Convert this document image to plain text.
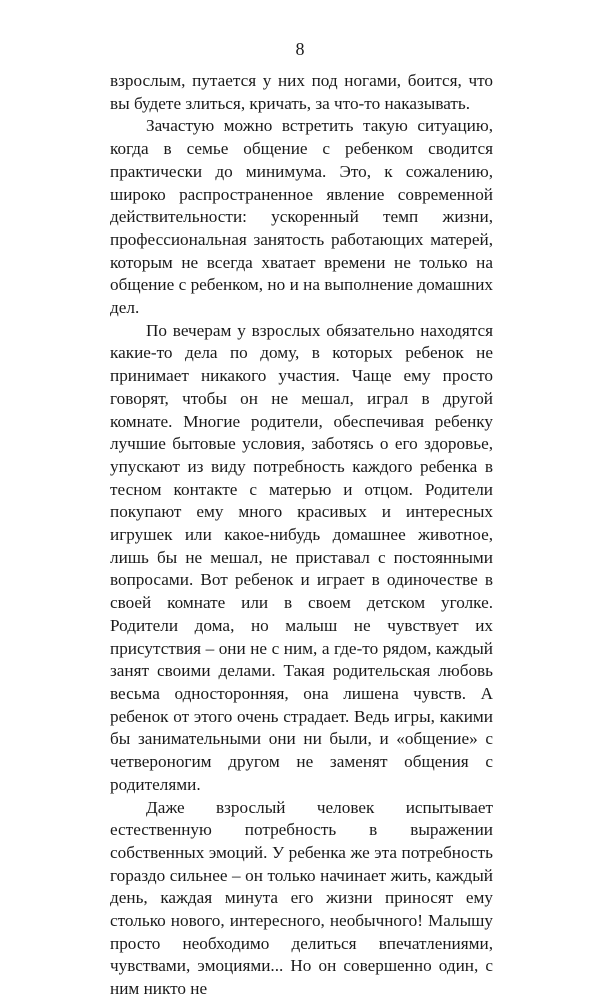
8

взрослым, путается у них под ногами, боится, что вы будете злиться, кричать, за что-то наказывать.

Зачастую можно встретить такую ситуацию, когда в семье общение с ребенком сводится практически до минимума. Это, к сожалению, широко распространенное явление современной действительности: ускоренный темп жизни, профессиональная занятость работающих матерей, которым не всегда хватает времени не только на общение с ребенком, но и на выполнение домашних дел.

По вечерам у взрослых обязательно находятся какие-то дела по дому, в которых ребенок не принимает никакого участия. Чаще ему просто говорят, чтобы он не мешал, играл в другой комнате. Многие родители, обеспечивая ребенку лучшие бытовые условия, заботясь о его здоровье, упускают из виду потребность каждого ребенка в тесном контакте с матерью и отцом. Родители покупают ему много красивых и интересных игрушек или какое-нибудь домашнее животное, лишь бы не мешал, не приставал с постоянными вопросами. Вот ребенок и играет в одиночестве в своей комнате или в своем детском уголке. Родители дома, но малыш не чувствует их присутствия – они не с ним, а где-то рядом, каждый занят своими делами. Такая родительская любовь весьма односторонняя, она лишена чувств. А ребенок от этого очень страдает. Ведь игры, какими бы занимательными они ни были, и «общение» с четвероногим другом не заменят общения с родителями.

Даже взрослый человек испытывает естественную потребность в выражении собственных эмоций. У ребенка же эта потребность гораздо сильнее – он только начинает жить, каждый день, каждая минута его жизни приносят ему столько нового, интересного, необычного! Малышу просто необходимо делиться впечатлениями, чувствами, эмоциями... Но он совершенно один, с ним никто не
